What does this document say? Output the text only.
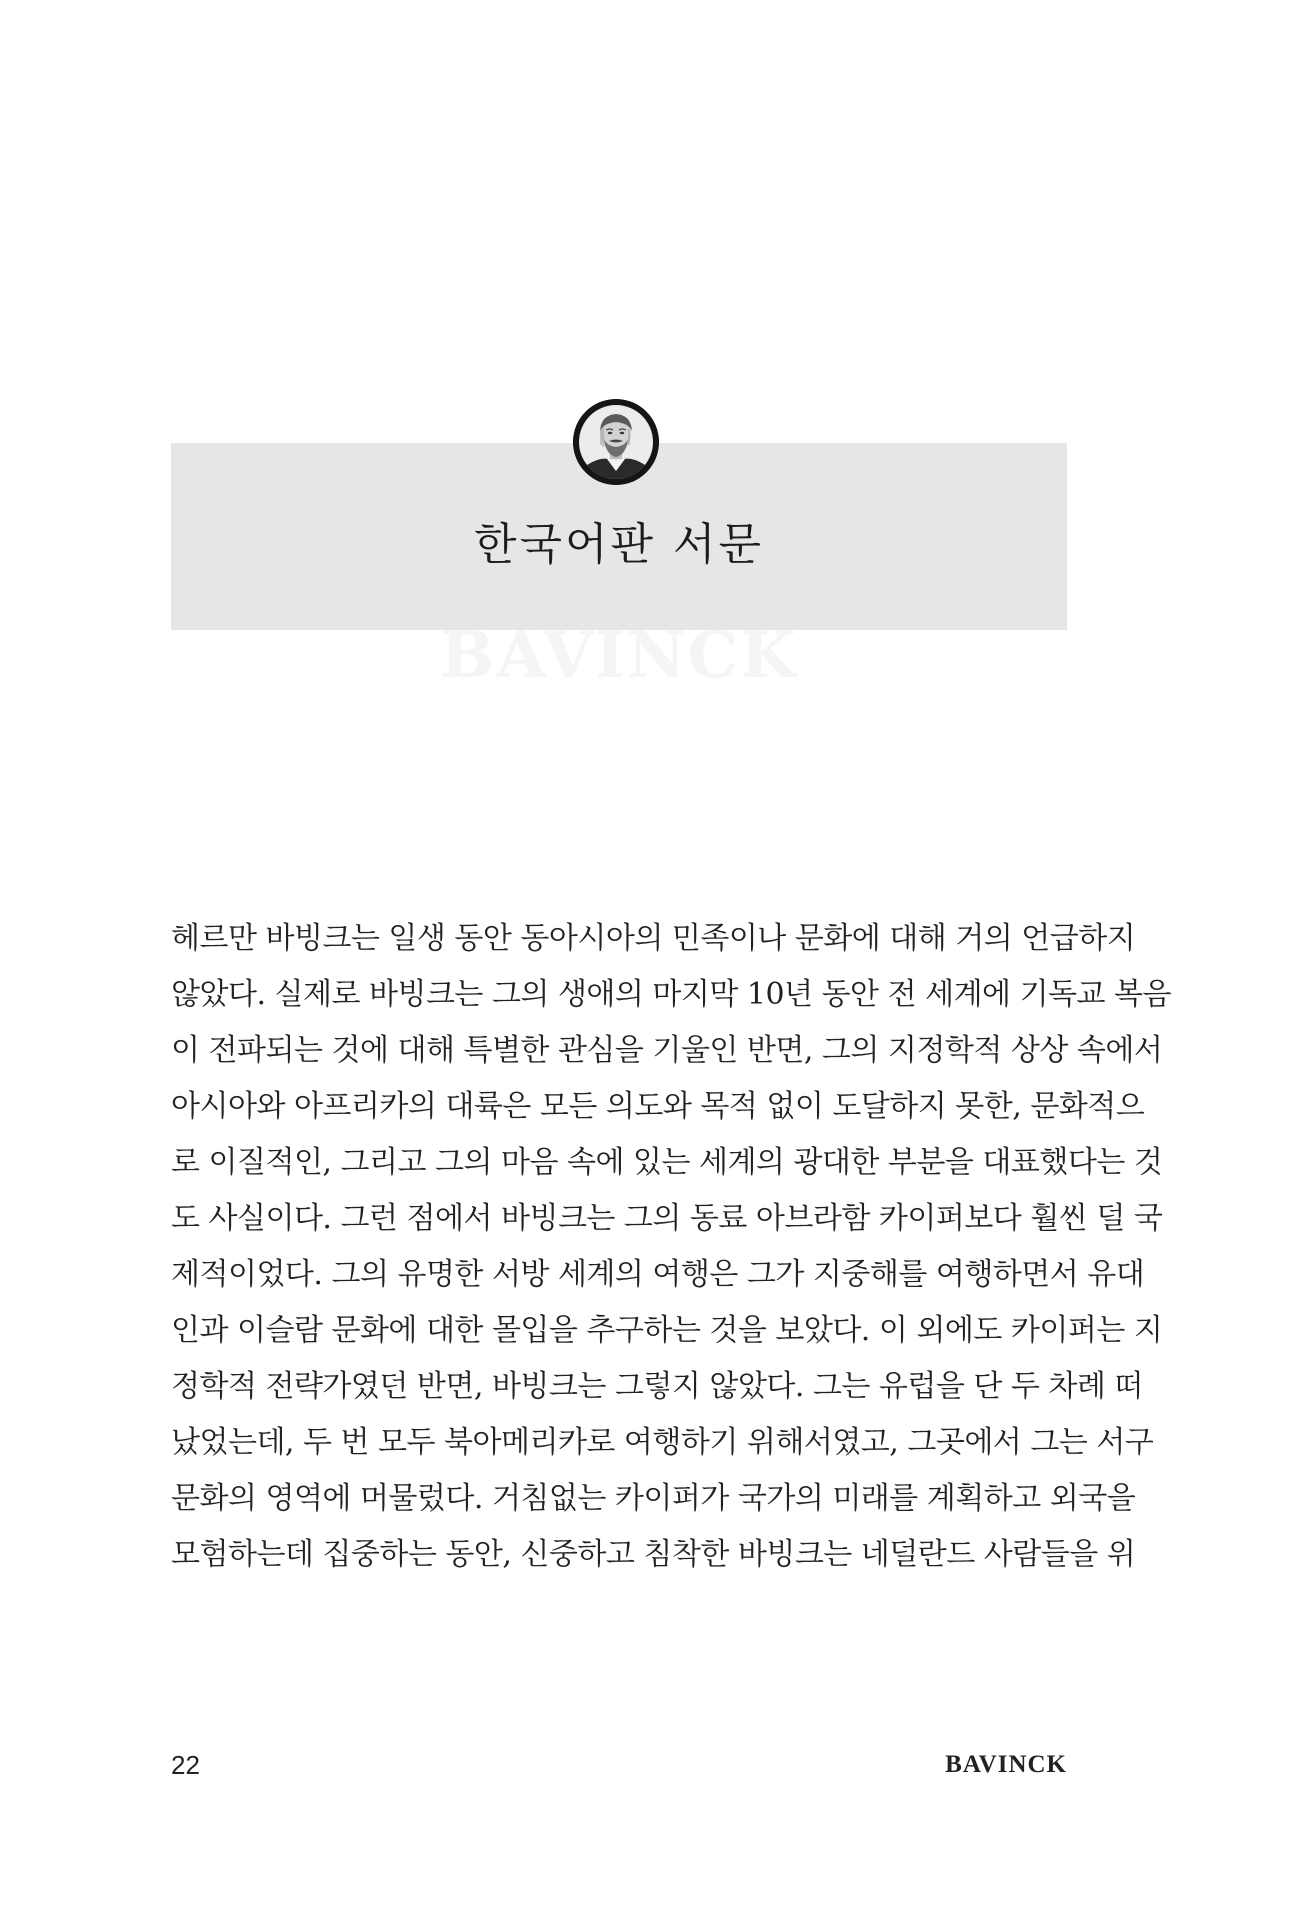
한국어판 서문
BAVINCK
헤르만 바빙크는 일생 동안 동아시아의 민족이나 문화에 대해 거의 언급하지
않았다. 실제로 바빙크는 그의 생애의 마지막 10년 동안 전 세계에 기독교 복음
이 전파되는 것에 대해 특별한 관심을 기울인 반면, 그의 지정학적 상상 속에서
아시아와 아프리카의 대륙은 모든 의도와 목적 없이 도달하지 못한, 문화적으
로 이질적인, 그리고 그의 마음 속에 있는 세계의 광대한 부분을 대표했다는 것
도 사실이다. 그런 점에서 바빙크는 그의 동료 아브라함 카이퍼보다 훨씬 덜 국
제적이었다. 그의 유명한 서방 세계의 여행은 그가 지중해를 여행하면서 유대
인과 이슬람 문화에 대한 몰입을 추구하는 것을 보았다. 이 외에도 카이퍼는 지
정학적 전략가였던 반면, 바빙크는 그렇지 않았다. 그는 유럽을 단 두 차례 떠
났었는데, 두 번 모두 북아메리카로 여행하기 위해서였고, 그곳에서 그는 서구
문화의 영역에 머물렀다. 거침없는 카이퍼가 국가의 미래를 계획하고 외국을
모험하는데 집중하는 동안, 신중하고 침착한 바빙크는 네덜란드 사람들을 위
22	BAVINCK
